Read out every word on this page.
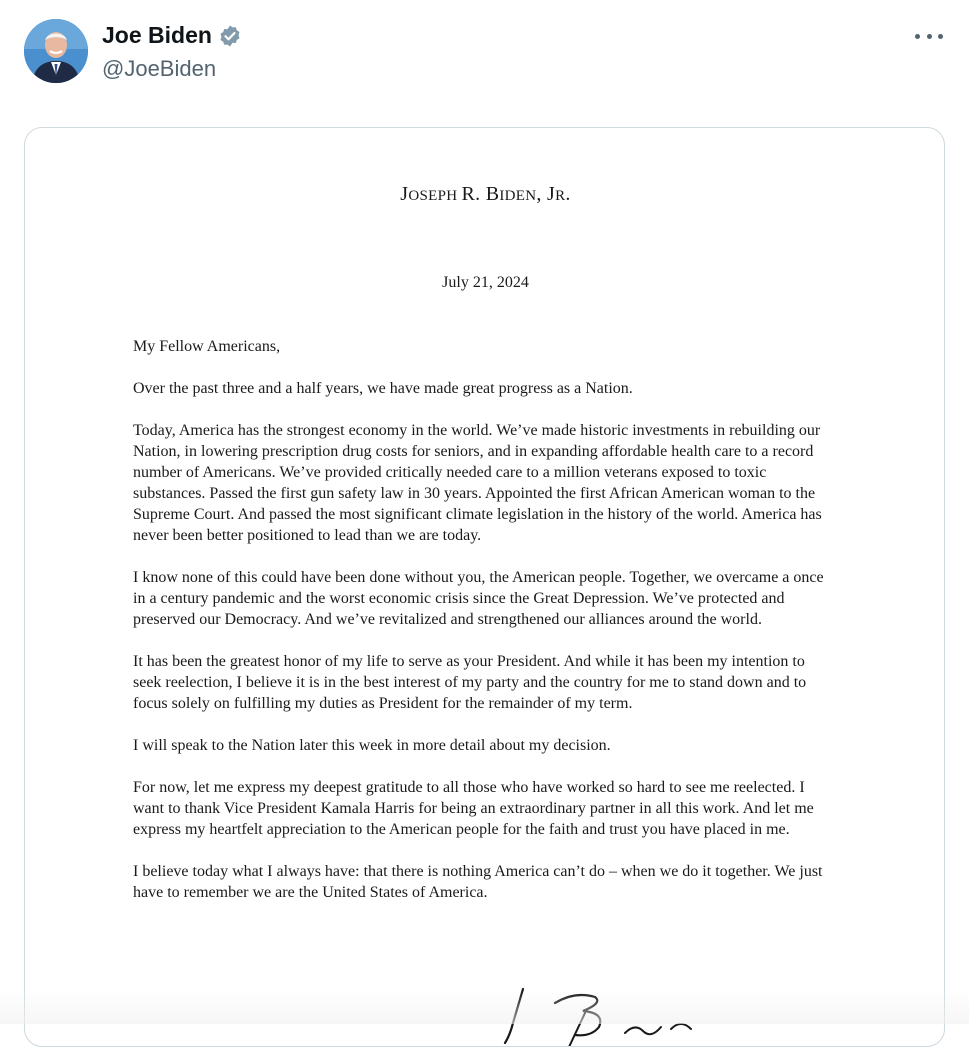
Joe Biden
@JoeBiden
JOSEPH R. BIDEN, JR.
July 21, 2024

My Fellow Americans,

Over the past three and a half years, we have made great progress as a Nation.

Today, America has the strongest economy in the world. We’ve made historic investments in rebuilding our Nation, in lowering prescription drug costs for seniors, and in expanding affordable health care to a record number of Americans. We’ve provided critically needed care to a million veterans exposed to toxic substances. Passed the first gun safety law in 30 years. Appointed the first African American woman to the Supreme Court. And passed the most significant climate legislation in the history of the world. America has never been better positioned to lead than we are today.

I know none of this could have been done without you, the American people. Together, we overcame a once in a century pandemic and the worst economic crisis since the Great Depression. We’ve protected and preserved our Democracy. And we’ve revitalized and strengthened our alliances around the world.

It has been the greatest honor of my life to serve as your President. And while it has been my intention to seek reelection, I believe it is in the best interest of my party and the country for me to stand down and to focus solely on fulfilling my duties as President for the remainder of my term.

I will speak to the Nation later this week in more detail about my decision.

For now, let me express my deepest gratitude to all those who have worked so hard to see me reelected. I want to thank Vice President Kamala Harris for being an extraordinary partner in all this work. And let me express my heartfelt appreciation to the American people for the faith and trust you have placed in me.

I believe today what I always have: that there is nothing America can’t do – when we do it together. We just have to remember we are the United States of America.
